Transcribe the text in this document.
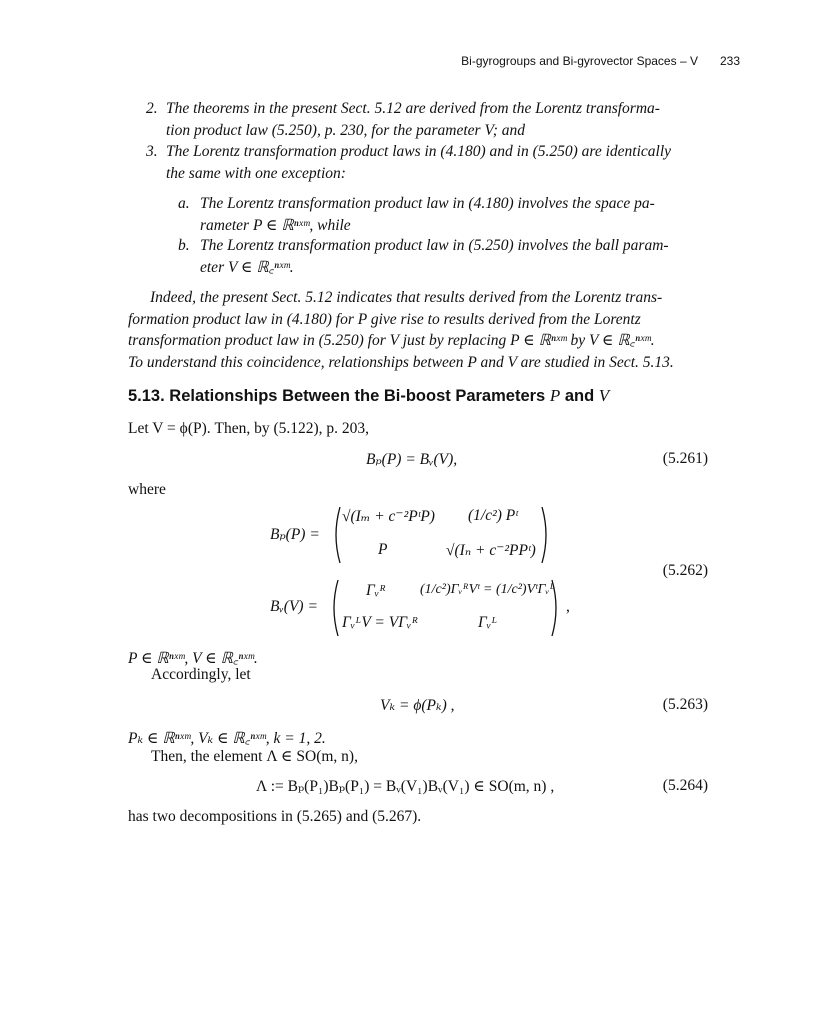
Bi-gyrogroups and Bi-gyrovector Spaces – V 233
2. The theorems in the present Sect. 5.12 are derived from the Lorentz transforma-
tion product law (5.250), p. 230, for the parameter V; and
3. The Lorentz transformation product laws in (4.180) and in (5.250) are identically
the same with one exception:
a. The Lorentz transformation product law in (4.180) involves the space pa-
rameter P ∈ ℝⁿˣᵐ, while
b. The Lorentz transformation product law in (5.250) involves the ball param-
eter V ∈ ℝ꜀ⁿˣᵐ.
Indeed, the present Sect. 5.12 indicates that results derived from the Lorentz trans-
formation product law in (4.180) for P give rise to results derived from the Lorentz
transformation product law in (5.250) for V just by replacing P ∈ ℝⁿˣᵐ by V ∈ ℝ꜀ⁿˣᵐ.
To understand this coincidence, relationships between P and V are studied in Sect. 5.13.
5.13. Relationships Between the Bi-boost Parameters P and V
Let V = ϕ(P). Then, by (5.122), p. 203,
Bₚ(P) = Bᵥ(V),	(5.261)
where
Bₚ(P) =
√(Iₘ + c⁻²PᵗP) (1/c²) Pᵗ
P	√(Iₙ + c⁻²PPᵗ)
Bᵥ(V) =
Γᵥᴿ (1/c²)ΓᵥᴿVᵗ = (1/c²)VᵗΓᵥᴸ
ΓᵥᴸV = VΓᵥᴿ	Γᵥᴸ
,
(5.262)
P ∈ ℝⁿˣᵐ, V ∈ ℝ꜀ⁿˣᵐ.
Accordingly, let
Vₖ = ϕ(Pₖ) ,	(5.263)
Pₖ ∈ ℝⁿˣᵐ, Vₖ ∈ ℝ꜀ⁿˣᵐ, k = 1, 2.
Then, the element Λ ∈ SO(m, n),
Λ := Bₚ(P₁)Bₚ(P₁) = Bᵥ(V₁)Bᵥ(V₁) ∈ SO(m, n) ,	(5.264)
has two decompositions in (5.265) and (5.267).
